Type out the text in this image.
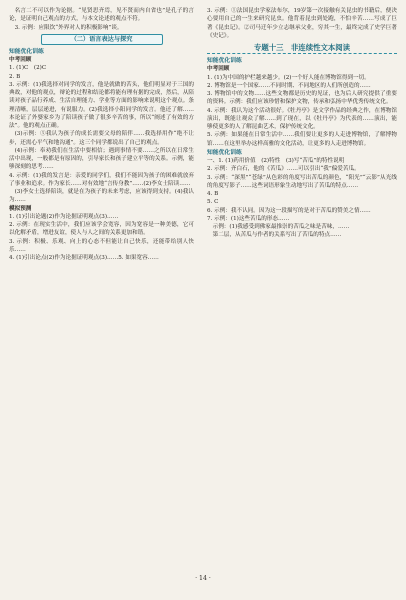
名言二不可以作为论据。“见贤思齐焉，见不贤而内自省也”是孔子的言论，是证明自己观点的方式，与本文论述的观点不符。

3. 示例：应限饮“外界对人的积极影响”谈。

（二）语言表达与探究
知能优化训练
中考回顾

1. (1)C　(2)C

2. B

3. 示例：(1)我选择对同学的发言，他是就做的苦头，他们明显对于三国的典故，对他的观点，辩论的过程和结论都将能有理有据的完成，然后，从陪读对孩子品行养成、生活自理能力、学业等方面的影响来说明这个观点。条理清晰，层层递进，有说服力。(2)我选择小阳同学的发言。他还了解……本论证了外婆家乡为了陪读孩子做了很多辛苦的事，所以“阐述了有效的方法”。他的观点正确。

(3)示例：⑤我认为孩子的成长需要父母的陪伴……我选择用作“绝不让步，还需心平气和地沟通”。这三个同学都说出了自己的观点。

(4)示例：奉劝我们在生活中要相信；遇到事情不要……之所以在日常生活中出现，一般都是有原因的，引导家长和孩子建立平等的关系。示例，能够深刻的思考……

4. 示例：(1)我的发言是：亲爱的同学们，我们不能因为孩子的困难就放弃了事业和追求。作为家长……对有效地“言传身教”……(2)李女士陪读……

(3)李女士选择陪读，就是在为孩子的未来考虑，应该得到支持。(4)我认为……

模拟预测

1. (1)引出论题(2)作为论据证明观点(3)……

2. 示例：在现实生活中，我们应该学会宽容，因为宽容是一种美德，它可以化解矛盾，增进友谊，使人与人之间的关系更加和谐。

3. 示例：积极、乐观、向上的心态不但能让自己快乐，还能带给别人快乐……

4. (1)引出论点(2)作为论据证明观点(3)……5. 如果宽容……

3. 示例：①法国昆虫学家法布尔，19岁第一次接触有关昆虫的书籍后，便决心要用自己的一生来研究昆虫。他背着昆虫到处跑，不怕辛苦……写成了巨著《昆虫记》。②司马迁年少立志继承父业，穷其一生，最终完成了史学巨著《史记》。

专题十三　非连续性文本阅读
知能优化训练
中考回顾

1. (1)为中国的护栏越来越少。(2)一个好人能在博物馆得到一切。

2. 博物馆是一个国家……不同时期、不同地区的人们所创造的……

3. 博物馆中的文物……这些文物都是历史的见证，也为后人研究提供了重要的资料。示例：我们应该珍惜和保护文物，传承和弘扬中华优秀传统文化。

4. 示例：我认为这个活动很好。《牡丹亭》是文学作品的经典之作，在博物馆演出，既能让观众了解……到了现在，以《牡丹亭》为代表的……演出，能够使更多的人了解昆曲艺术，保护传统文化。

5. 示例：如果能在日常生活中……我们要让更多的人走进博物馆，了解博物馆……在这里举办这样高雅的文化活动，让更多的人走进博物馆。

知能优化训练

一、1. (1)药用价值　(2)特性　(3)写“苦瓜”的特性说明

2. 示例：齐白石，他的《苦瓜》……可以引出“我”偏爱苦瓜。

3. 示例：“深黑”“苍绿”从色彩的角度写出苦瓜的颜色，“阳光”“云影”从光线的角度写影子……这些词语形象生动地写出了苦瓜的特点……

4. B

5. C

6. 示例：我不认同。因为这一段描写的是对于苦瓜的赞美之情……

7. 示例：(1)这些苦瓜的形态……

示例：(1)我感受到佛家最推崇的苦瓜之味是苦味，……

第二层，从苦瓜与作者的关系写出了苦瓜的特点……

· 14 ·
